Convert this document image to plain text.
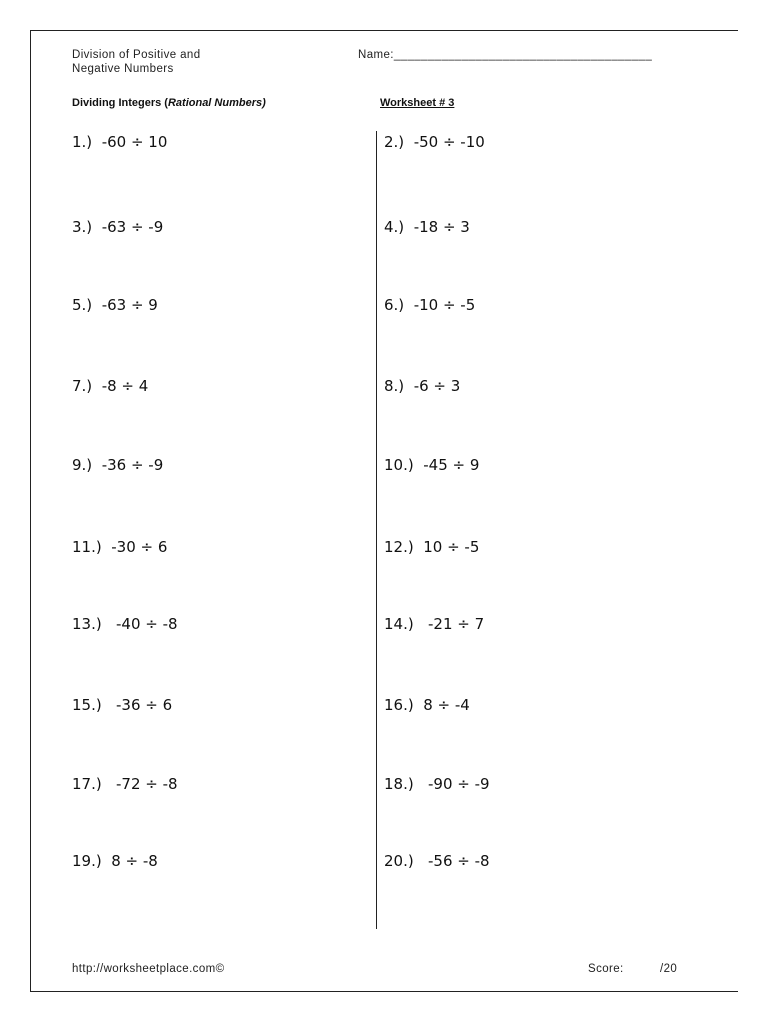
Division of Positive and
Negative Numbers
Name:______________________________________
Dividing Integers (Rational Numbers)	Worksheet # 3
1.)  -60 ÷ 10	2.)  -50 ÷ -10
3.)  -63 ÷ -9	4.)  -18 ÷ 3
5.)  -63 ÷ 9	6.)  -10 ÷ -5
7.)  -8 ÷ 4	8.)  -6 ÷ 3
9.)  -36 ÷ -9	10.)  -45 ÷ 9
11.)  -30 ÷ 6	12.)  10 ÷ -5
13.)   -40 ÷ -8	14.)   -21 ÷ 7
15.)   -36 ÷ 6	16.)  8 ÷ -4
17.)   -72 ÷ -8	18.)   -90 ÷ -9
19.)  8 ÷ -8	20.)   -56 ÷ -8
http://worksheetplace.com©	Score:	/20
